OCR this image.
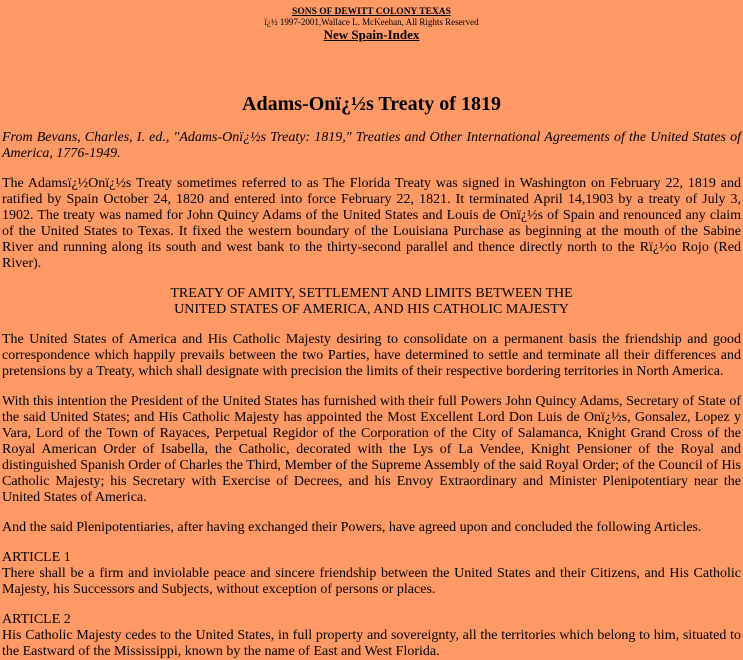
SONS OF DEWITT COLONY TEXAS
ï¿½ 1997-2001,Wallace L. McKeehan, All Rights Reserved
New Spain-Index
Adams-Onï¿½s Treaty of 1819

From Bevans, Charles, I. ed., "Adams-Onï¿½s Treaty: 1819," Treaties and Other International Agreements of the United States of America, 1776-1949.

The Adamsï¿½Onï¿½s Treaty sometimes referred to as The Florida Treaty was signed in Washington on February 22, 1819 and ratified by Spain October 24, 1820 and entered into force February 22, 1821. It terminated April 14,1903 by a treaty of July 3, 1902. The treaty was named for John Quincy Adams of the United States and Louis de Onï¿½s of Spain and renounced any claim of the United States to Texas. It fixed the western boundary of the Louisiana Purchase as beginning at the mouth of the Sabine River and running along its south and west bank to the thirty-second parallel and thence directly north to the Rï¿½o Rojo (Red River).

TREATY OF AMITY, SETTLEMENT AND LIMITS BETWEEN THE
UNITED STATES OF AMERICA, AND HIS CATHOLIC MAJESTY

The United States of America and His Catholic Majesty desiring to consolidate on a permanent basis the friendship and good correspondence which happily prevails between the two Parties, have determined to settle and terminate all their differences and pretensions by a Treaty, which shall designate with precision the limits of their respective bordering territories in North America.

With this intention the President of the United States has furnished with their full Powers John Quincy Adams, Secretary of State of the said United States; and His Catholic Majesty has appointed the Most Excellent Lord Don Luis de Onï¿½s, Gonsalez, Lopez y Vara, Lord of the Town of Rayaces, Perpetual Regidor of the Corporation of the City of Salamanca, Knight Grand Cross of the Royal American Order of Isabella, the Catholic, decorated with the Lys of La Vendee, Knight Pensioner of the Royal and distinguished Spanish Order of Charles the Third, Member of the Supreme Assembly of the said Royal Order; of the Council of His Catholic Majesty; his Secretary with Exercise of Decrees, and his Envoy Extraordinary and Minister Plenipotentiary near the United States of America.

And the said Plenipotentiaries, after having exchanged their Powers, have agreed upon and concluded the following Articles.

ARTICLE 1
There shall be a firm and inviolable peace and sincere friendship between the United States and their Citizens, and His Catholic Majesty, his Successors and Subjects, without exception of persons or places.
ARTICLE 2
His Catholic Majesty cedes to the United States, in full property and sovereignty, all the territories which belong to him, situated to the Eastward of the Mississippi, known by the name of East and West Florida.
